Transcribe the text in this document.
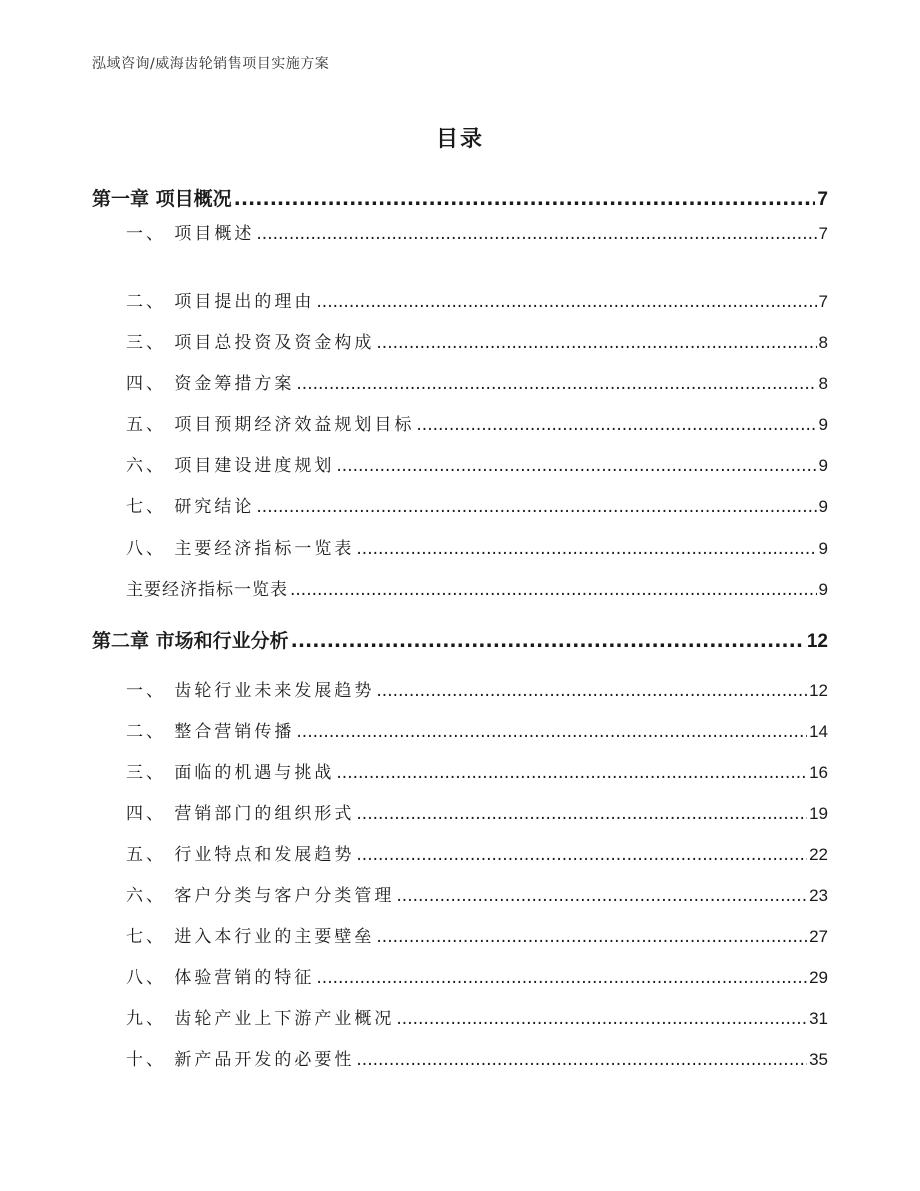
泓域咨询/威海齿轮销售项目实施方案
目录
第一章 项目概况 .....	7
一、 项目概述 .....	7
二、 项目提出的理由 .....	7
三、 项目总投资及资金构成 .....	8
四、 资金筹措方案 .....	8
五、 项目预期经济效益规划目标 .....	9
六、 项目建设进度规划 .....	9
七、 研究结论 .....	9
八、 主要经济指标一览表 .....	9
主要经济指标一览表 .....	9
第二章 市场和行业分析 .....	12
一、 齿轮行业未来发展趋势 .....	12
二、 整合营销传播 .....	14
三、 面临的机遇与挑战 .....	16
四、 营销部门的组织形式 .....	19
五、 行业特点和发展趋势 .....	22
六、 客户分类与客户分类管理 .....	23
七、 进入本行业的主要壁垒 .....	27
八、 体验营销的特征 .....	29
九、 齿轮产业上下游产业概况 .....	31
十、 新产品开发的必要性 .....	35
